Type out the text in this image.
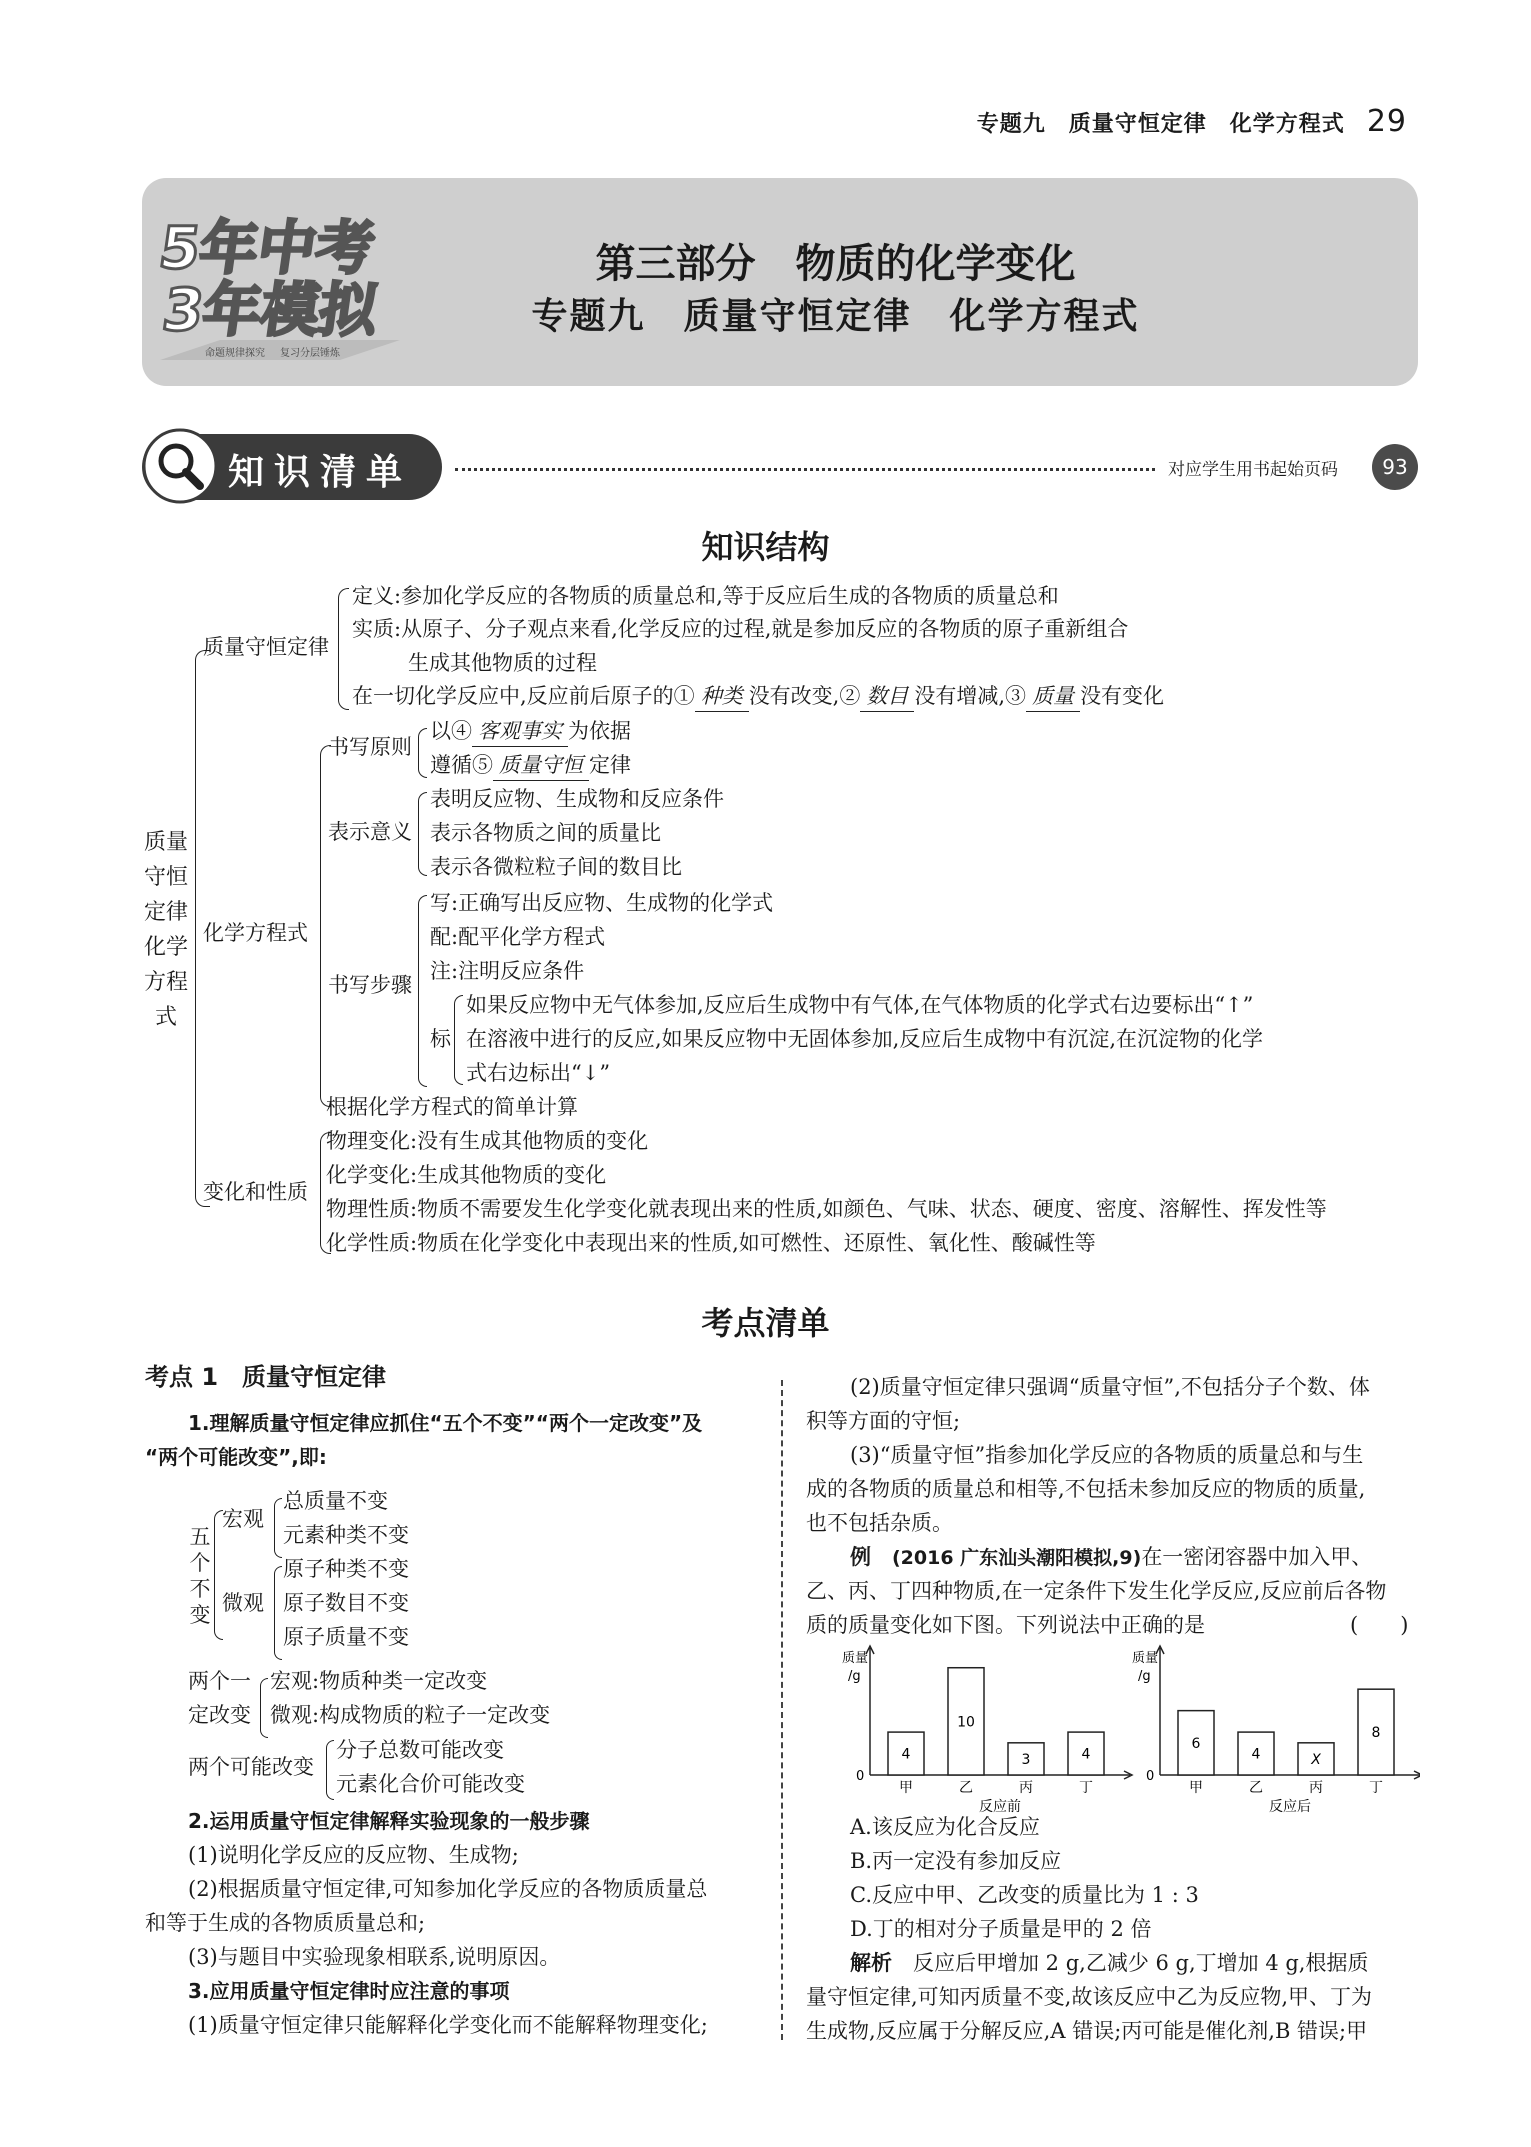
专题九　质量守恒定律　化学方程式 29
5年中考
3年模拟
命题规律探究 复习分层锤炼
第三部分　物质的化学变化
专题九　质量守恒定律　化学方程式
知识清单	对应学生用书起始页码	93
知识结构
质量
守恒
定律
化学
方程
式
质量守恒定律
定义:参加化学反应的各物质的质量总和,等于反应后生成的各物质的质量总和
实质:从原子、分子观点来看,化学反应的过程,就是参加反应的各物质的原子重新组合
生成其他物质的过程
在一切化学反应中,反应前后原子的① 种类 没有改变,② 数目 没有增减,③ 质量 没有变化
化学方程式
书写原则
以④ 客观事实 为依据
遵循⑤ 质量守恒 定律
表示意义
表明反应物、生成物和反应条件
表示各物质之间的质量比
表示各微粒粒子间的数目比
书写步骤
写:正确写出反应物、生成物的化学式
配:配平化学方程式
注:注明反应条件
标
如果反应物中无气体参加,反应后生成物中有气体,在气体物质的化学式右边要标出“↑”
在溶液中进行的反应,如果反应物中无固体参加,反应后生成物中有沉淀,在沉淀物的化学
式右边标出“↓”
根据化学方程式的简单计算
变化和性质
物理变化:没有生成其他物质的变化
化学变化:生成其他物质的变化
物理性质:物质不需要发生化学变化就表现出来的性质,如颜色、气味、状态、硬度、密度、溶解性、挥发性等
化学性质:物质在化学变化中表现出来的性质,如可燃性、还原性、氧化性、酸碱性等
考点清单
考点 1　质量守恒定律
1.理解质量守恒定律应抓住“五个不变”“两个一定改变”及
“两个可能改变”,即:
五
个
不
变
宏观
总质量不变
元素种类不变
微观
原子种类不变
原子数目不变
原子质量不变
两个一
定改变
宏观:物质种类一定改变
微观:构成物质的粒子一定改变
两个可能改变
分子总数可能改变
元素化合价可能改变
2.运用质量守恒定律解释实验现象的一般步骤
(1)说明化学反应的反应物、生成物;
(2)根据质量守恒定律,可知参加化学反应的各物质质量总
和等于生成的各物质质量总和;
(3)与题目中实验现象相联系,说明原因。
3.应用质量守恒定律时应注意的事项
(1)质量守恒定律只能解释化学变化而不能解释物理变化;
(2)质量守恒定律只强调“质量守恒”,不包括分子个数、体
积等方面的守恒;
(3)“质量守恒”指参加化学反应的各物质的质量总和与生
成的各物质的质量总和相等,不包括未参加反应的物质的质量,
也不包括杂质。
例　 (2016 广东汕头潮阳模拟,9)在一密闭容器中加入甲、
乙、丙、丁四种物质,在一定条件下发生化学反应,反应前后各物
质的质量变化如下图。下列说法中正确的是	(　　)
质量
/g
0
4
甲
10
乙
3
丙
4
丁
反应前
质量
/g
0
6
甲
4
乙
X
丙
8
丁
反应后
A.该反应为化合反应
B.丙一定没有参加反应
C.反应中甲、乙改变的质量比为 1 : 3
D.丁的相对分子质量是甲的 2 倍
解析　 反应后甲增加 2 g,乙减少 6 g,丁增加 4 g,根据质
量守恒定律,可知丙质量不变,故该反应中乙为反应物,甲、丁为
生成物,反应属于分解反应,A 错误;丙可能是催化剂,B 错误;甲
